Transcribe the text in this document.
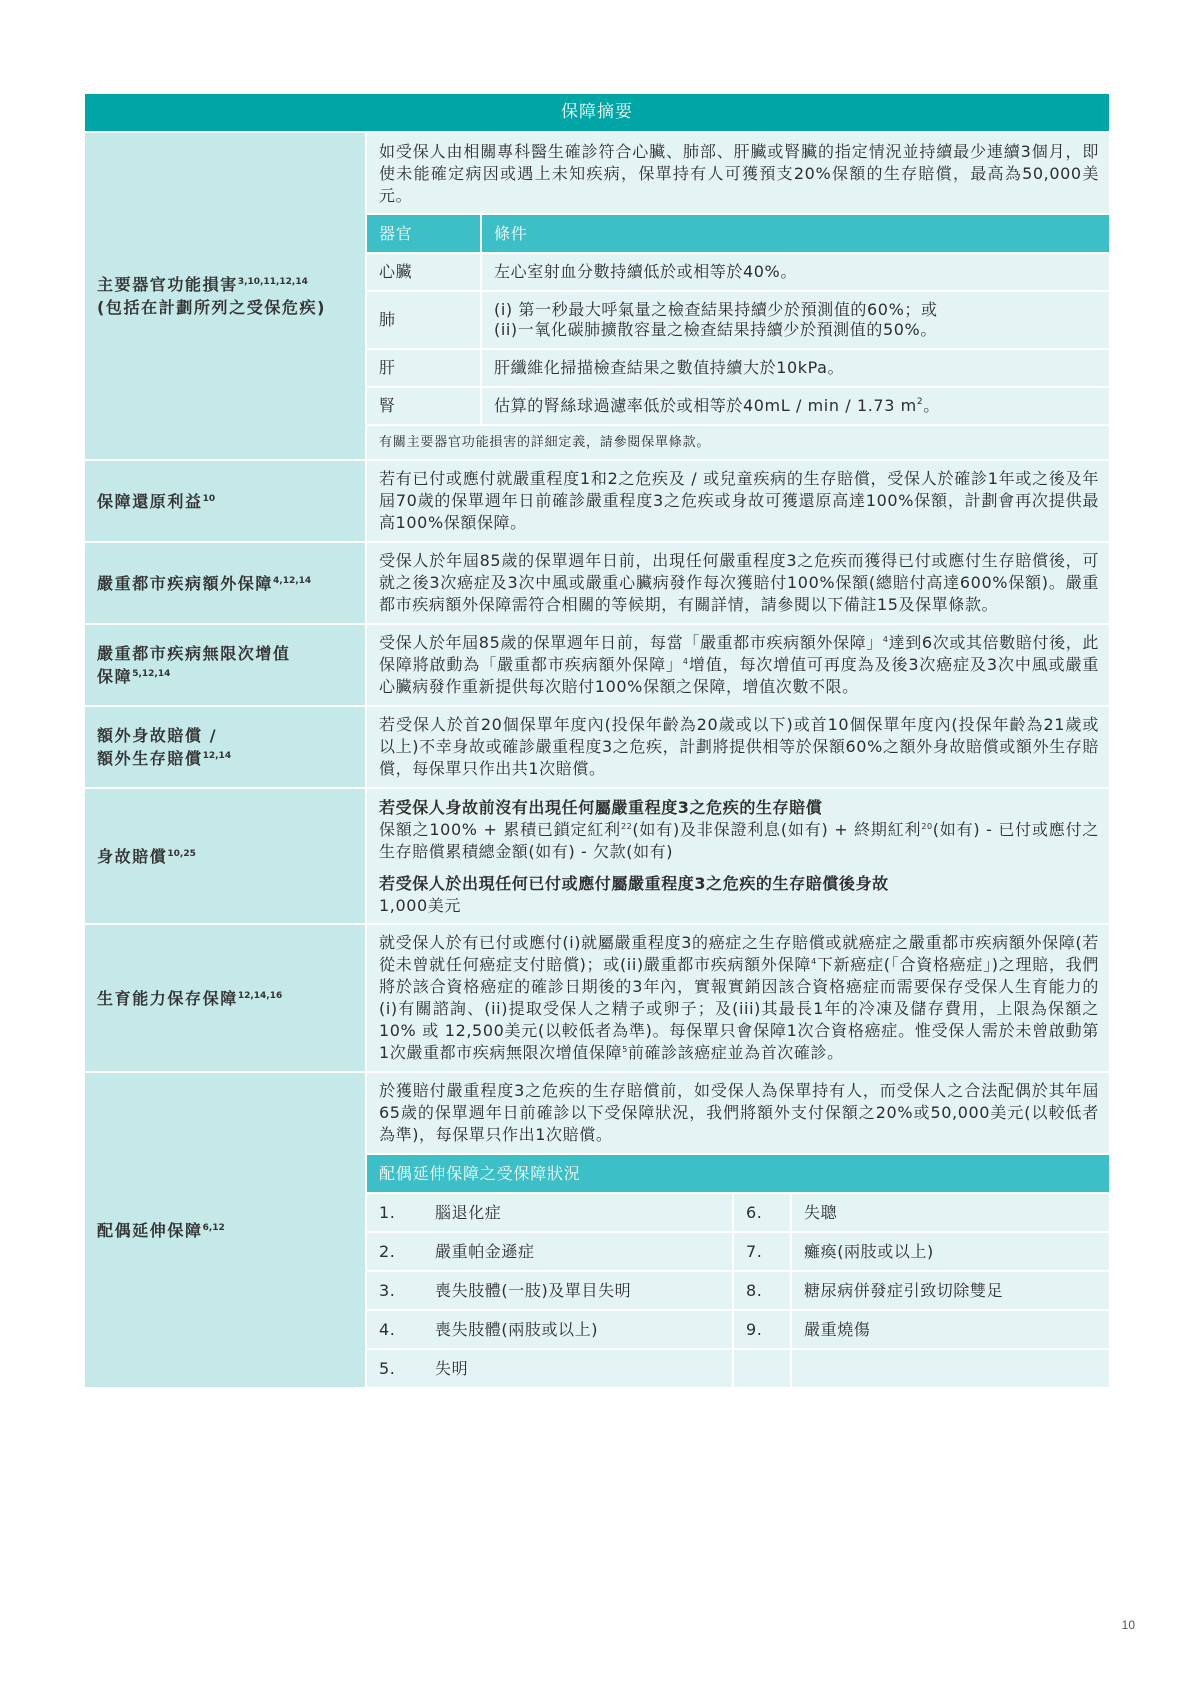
保障摘要
主要器官功能損害$^{3,10,11,12,14}$
(包括在計劃所列之受保危疾)
如受保人由相關專科醫生確診符合心臟、肺部、肝臟或腎臟的指定情況並持續最少連續3個月，即使未能確定病因或遇上未知疾病，保單持有人可獲預支20%保額的生存賠償，最高為50,000美元。
器官	條件
心臟	左心室射血分數持續低於或相等於40%。
肺
(i) 第一秒最大呼氣量之檢查結果持續少於預測值的60%；或
(ii)一氧化碳肺擴散容量之檢查結果持續少於預測值的50%。
肝	肝纖維化掃描檢查結果之數值持續大於10kPa。
腎	估算的腎絲球過濾率低於或相等於40mL / min / 1.73 $m^2$。
有關主要器官功能損害的詳細定義，請參閱保單條款。
保障還原利益$^{10}$
若有已付或應付就嚴重程度1和2之危疾及 / 或兒童疾病的生存賠償，受保人於確診1年或之後及年屆70歲的保單週年日前確診嚴重程度3之危疾或身故可獲還原高達100%保額，計劃會再次提供最高100%保額保障。
嚴重都市疾病額外保障$^{4,12,14}$
受保人於年屆85歲的保單週年日前，出現任何嚴重程度3之危疾而獲得已付或應付生存賠償後，可就之後3次癌症及3次中風或嚴重心臟病發作每次獲賠付100%保額(總賠付高達600%保額)。嚴重都市疾病額外保障需符合相關的等候期，有關詳情，請參閱以下備註15及保單條款。
嚴重都市疾病無限次增值
保障$^{5,12,14}$
受保人於年屆85歲的保單週年日前，每當「嚴重都市疾病額外保障」$^4$達到6次或其倍數賠付後，此保障將啟動為「嚴重都市疾病額外保障」$^4$增值，每次增值可再度為及後3次癌症及3次中風或嚴重心臟病發作重新提供每次賠付100%保額之保障，增值次數不限。
額外身故賠償 /
額外生存賠償$^{12,14}$
若受保人於首20個保單年度內(投保年齡為20歲或以下)或首10個保單年度內(投保年齡為21歲或以上)不幸身故或確診嚴重程度3之危疾，計劃將提供相等於保額60%之額外身故賠償或額外生存賠償，每保單只作出共1次賠償。
身故賠償$^{10,25}$
若受保人身故前沒有出現任何屬嚴重程度3之危疾的生存賠償
保額之100% + 累積已鎖定紅利$^{22}$(如有)及非保證利息(如有) + 終期紅利$^{20}$(如有) - 已付或應付之生存賠償累積總金額(如有) - 欠款(如有)
若受保人於出現任何已付或應付屬嚴重程度3之危疾的生存賠償後身故
1,000美元
生育能力保存保障$^{12,14,16}$
就受保人於有已付或應付(i)就屬嚴重程度3的癌症之生存賠償或就癌症之嚴重都市疾病額外保障(若從未曾就任何癌症支付賠償)；或(ii)嚴重都市疾病額外保障$^4$下新癌症(「合資格癌症」)之理賠，我們將於該合資格癌症的確診日期後的3年內，實報實銷因該合資格癌症而需要保存受保人生育能力的(i)有關諮詢、(ii)提取受保人之精子或卵子；及(iii)其最長1年的冷凍及儲存費用，上限為保額之10% 或 12,500美元(以較低者為準)。每保單只會保障1次合資格癌症。惟受保人需於未曾啟動第1次嚴重都市疾病無限次增值保障$^5$前確診該癌症並為首次確診。
配偶延伸保障$^{6,12}$
於獲賠付嚴重程度3之危疾的生存賠償前，如受保人為保單持有人，而受保人之合法配偶於其年屆65歲的保單週年日前確診以下受保障狀況，我們將額外支付保額之20%或50,000美元(以較低者為準)，每保單只作出1次賠償。
配偶延伸保障之受保障狀況
1.	腦退化症	6.	失聰
2.	嚴重帕金遜症	7.	癱瘓(兩肢或以上)
3.	喪失肢體(一肢)及單目失明	8.	糖尿病併發症引致切除雙足
4.	喪失肢體(兩肢或以上)	9.	嚴重燒傷
5.	失明
10
